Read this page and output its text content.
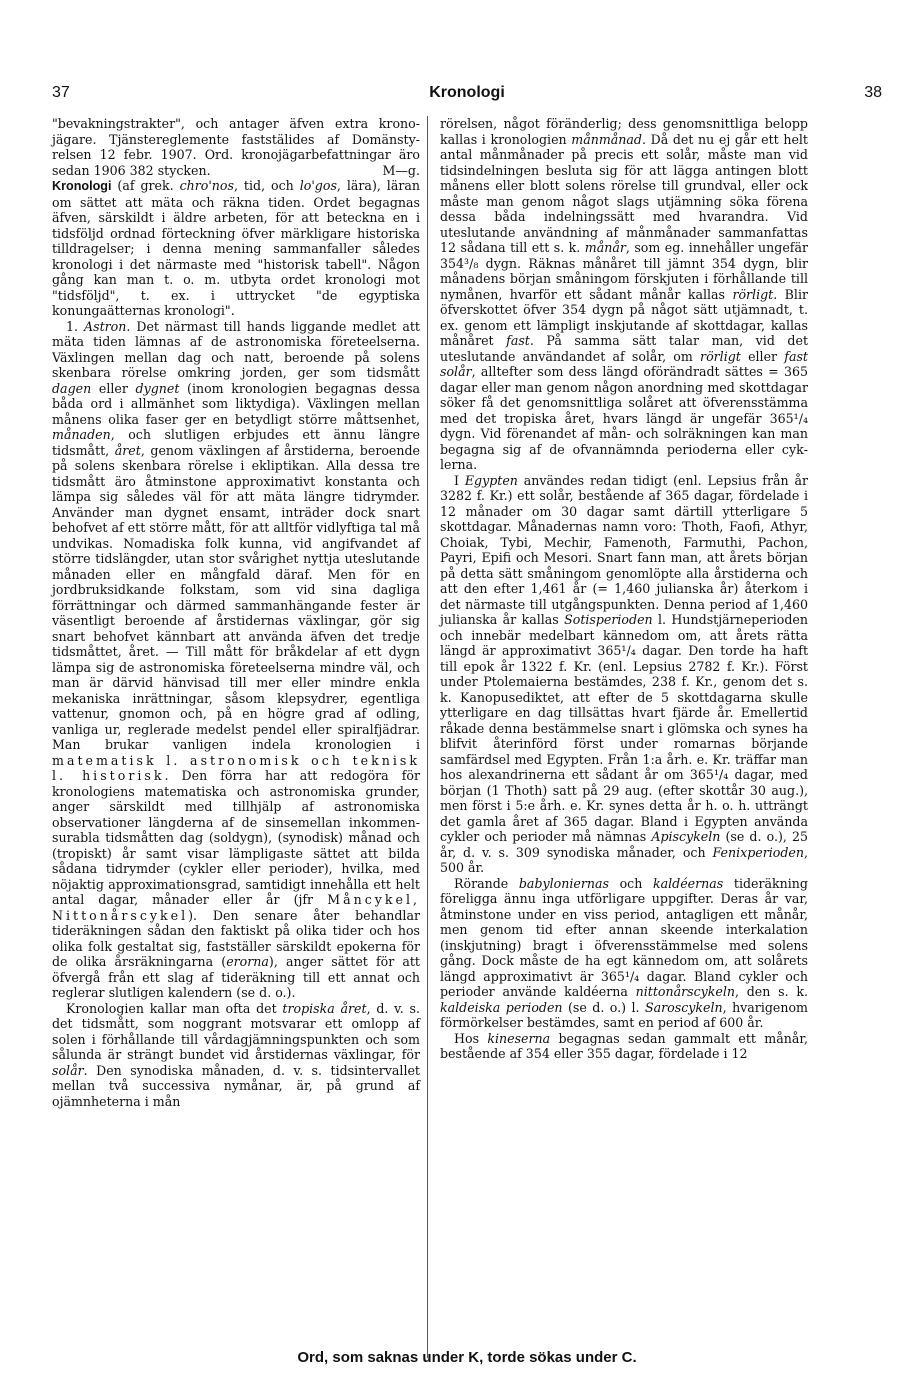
37	Kronologi	38

"bevakningstrakter", och antager äfven extra kronojägare. Tjänstereglemente faststälides af Domänstyrelsen 12 febr. 1907. Ord. kronojägarbefattningar äro sedan 1906 382 stycken.	M—g.

Kronologi (af grek. chro'nos, tid, och lo'gos, lära), läran om sättet att mäta och räkna tiden. Ordet begagnas äfven, särskildt i äldre arbeten, för att beteckna en i tidsföljd ordnad förteckning öfver märkligare historiska tilldragelser; i denna mening sammanfaller således kronologi i det närmaste med "historisk tabell". Någon gång kan man t. o. m. utbyta ordet kronologi mot "tidsföljd", t. ex. i uttrycket "de egyptiska konungaätternas kronologi".

1. Astron. Det närmast till hands liggande medlet att mäta tiden lämnas af de astronomiska företeelserna. Växlingen mellan dag och natt, beroende på solens skenbara rörelse omkring jorden, ger som tidsmått dagen eller dygnet (inom kronologien begagnas dessa båda ord i allmänhet som liktydiga). Växlingen mellan månens olika faser ger en betydligt större måttsenhet, månaden, och slutligen erbjudes ett ännu längre tidsmått, året, genom växlingen af årstiderna, beroende på solens skenbara rörelse i ekliptikan. Alla dessa tre tidsmått äro åtminstone approximativt konstanta och lämpa sig således väl för att mäta längre tidrymder. Använder man dygnet ensamt, inträder dock snart behofvet af ett större mått, för att alltför vidlyftiga tal må undvikas. Nomadiska folk kunna, vid angifvandet af större tidslängder, utan stor svårighet nyttja uteslutande månaden eller en mångfald däraf. Men för en jordbruksidkande folkstam, som vid sina dagliga förrättningar och därmed sammanhängande fester är väsentligt beroende af årstidernas växlingar, gör sig snart behofvet kännbart att använda äfven det tredje tidsmåttet, året. — Till mått för bråkdelar af ett dygn lämpa sig de astronomiska företeelserna mindre väl, och man är därvid hänvisad till mer eller mindre enkla mekaniska inrättningar, såsom klepsydrer, egentliga vattenur, gnomon och, på en högre grad af odling, vanliga ur, reglerade medelst pendel eller spiralfjädrar. Man brukar vanligen indela kronologien i matematisk l. astronomisk och teknisk l. historisk. Den förra har att redogöra för kronologiens matematiska och astronomiska grunder, anger särskildt med tillhjälp af astronomiska observationer längderna af de sinsemellan inkommensurabla tidsmåtten dag (soldygn), (synodisk) månad och (tropiskt) år samt visar lämpligaste sättet att bilda sådana tidrymder (cykler eller perioder), hvilka, med nöjaktig approximationsgrad, samtidigt innehålla ett helt antal dagar, månader eller år (jfr Måncykel, Nittonårscykel). Den senare åter behandlar tideräkningen sådan den faktiskt på olika tider och hos olika folk gestaltat sig, fastställer särskildt epokerna för de olika årsräkningarna (erorna), anger sättet för att öfvergå från ett slag af tideräkning till ett annat och reglerar slutligen kalendern (se d. o.).

Kronologien kallar man ofta det tropiska året, d. v. s. det tidsmått, som noggrant motsvarar ett omlopp af solen i förhållande till vårdagjämningspunkten och som sålunda är strängt bundet vid årstidernas växlingar, för solår. Den synodiska månaden, d. v. s. tidsintervallet mellan två successiva nymånar, är, på grund af ojämnheterna i mån

rörelsen, något föränderlig; dess genomsnittliga belopp kallas i kronologien månmånad. Då det nu ej går ett helt antal månmånader på precis ett solår, måste man vid tidsindelningen besluta sig för att lägga antingen blott månens eller blott solens rörelse till grundval, eller ock måste man genom något slags utjämning söka förena dessa båda indelningssätt med hvarandra. Vid uteslutande användning af månmånader sammanfattas 12 sådana till ett s. k. månår, som eg. innehåller ungefär 354³/₈ dygn. Räknas månåret till jämnt 354 dygn, blir månadens början småningom förskjuten i förhållande till nymånen, hvarför ett sådant månår kallas rörligt. Blir öfverskottet öfver 354 dygn på något sätt utjämnadt, t. ex. genom ett lämpligt inskjutande af skottdagar, kallas månåret fast. På samma sätt talar man, vid det uteslutande användandet af solår, om rörligt eller fast solår, alltefter som dess längd oförändradt sättes = 365 dagar eller man genom någon anordning med skottdagar söker få det genomsnittliga solåret att öfverensstämma med det tropiska året, hvars längd är ungefär 365¹/₄ dygn. Vid förenandet af mån- och solräkningen kan man begagna sig af de ofvannämnda perioderna eller cyklerna.

I Egypten användes redan tidigt (enl. Lepsius från år 3282 f. Kr.) ett solår, bestående af 365 dagar, fördelade i 12 månader om 30 dagar samt därtill ytterligare 5 skottdagar. Månadernas namn voro: Thoth, Faofi, Athyr, Choiak, Tybi, Mechir, Famenoth, Farmuthi, Pachon, Payri, Epifi och Mesori. Snart fann man, att årets början på detta sätt småningom genomlöpte alla årstiderna och att den efter 1,461 år (= 1,460 julianska år) återkom i det närmaste till utgångspunkten. Denna period af 1,460 julianska år kallas Sotisperioden l. Hundstjärneperioden och innebär medelbart kännedom om, att årets rätta längd är approximativt 365¹/₄ dagar. Den torde ha haft till epok år 1322 f. Kr. (enl. Lepsius 2782 f. Kr.). Först under Ptolemaierna bestämdes, 238 f. Kr., genom det s. k. Kanopusediktet, att efter de 5 skottdagarna skulle ytterligare en dag tillsättas hvart fjärde år. Emellertid råkade denna bestämmelse snart i glömska och synes ha blifvit återinförd först under romarnas börjande samfärdsel med Egypten. Från 1:a årh. e. Kr. träffar man hos alexandrinerna ett sådant år om 365¹/₄ dagar, med början (1 Thoth) satt på 29 aug. (efter skottår 30 aug.), men först i 5:e årh. e. Kr. synes detta år h. o. h. utträngt det gamla året af 365 dagar. Bland i Egypten använda cykler och perioder må nämnas Apiscykeln (se d. o.), 25 år, d. v. s. 309 synodiska månader, och Fenixperioden, 500 år.

Rörande babyloniernas och kaldéernas tideräkning föreligga ännu inga utförligare uppgifter. Deras år var, åtminstone under en viss period, antagligen ett månår, men genom tid efter annan skeende interkalation (inskjutning) bragt i öfverensstämmelse med solens gång. Dock måste de ha egt kännedom om, att solårets längd approximativt är 365¹/₄ dagar. Bland cykler och perioder använde kaldéerna nittonårscykeln, den s. k. kaldeiska perioden (se d. o.) l. Saroscykeln, hvarigenom förmörkelser bestämdes, samt en period af 600 år.

Hos kineserna begagnas sedan gammalt ett månår, bestående af 354 eller 355 dagar, fördelade i 12

Ord, som saknas under K, torde sökas under C.
